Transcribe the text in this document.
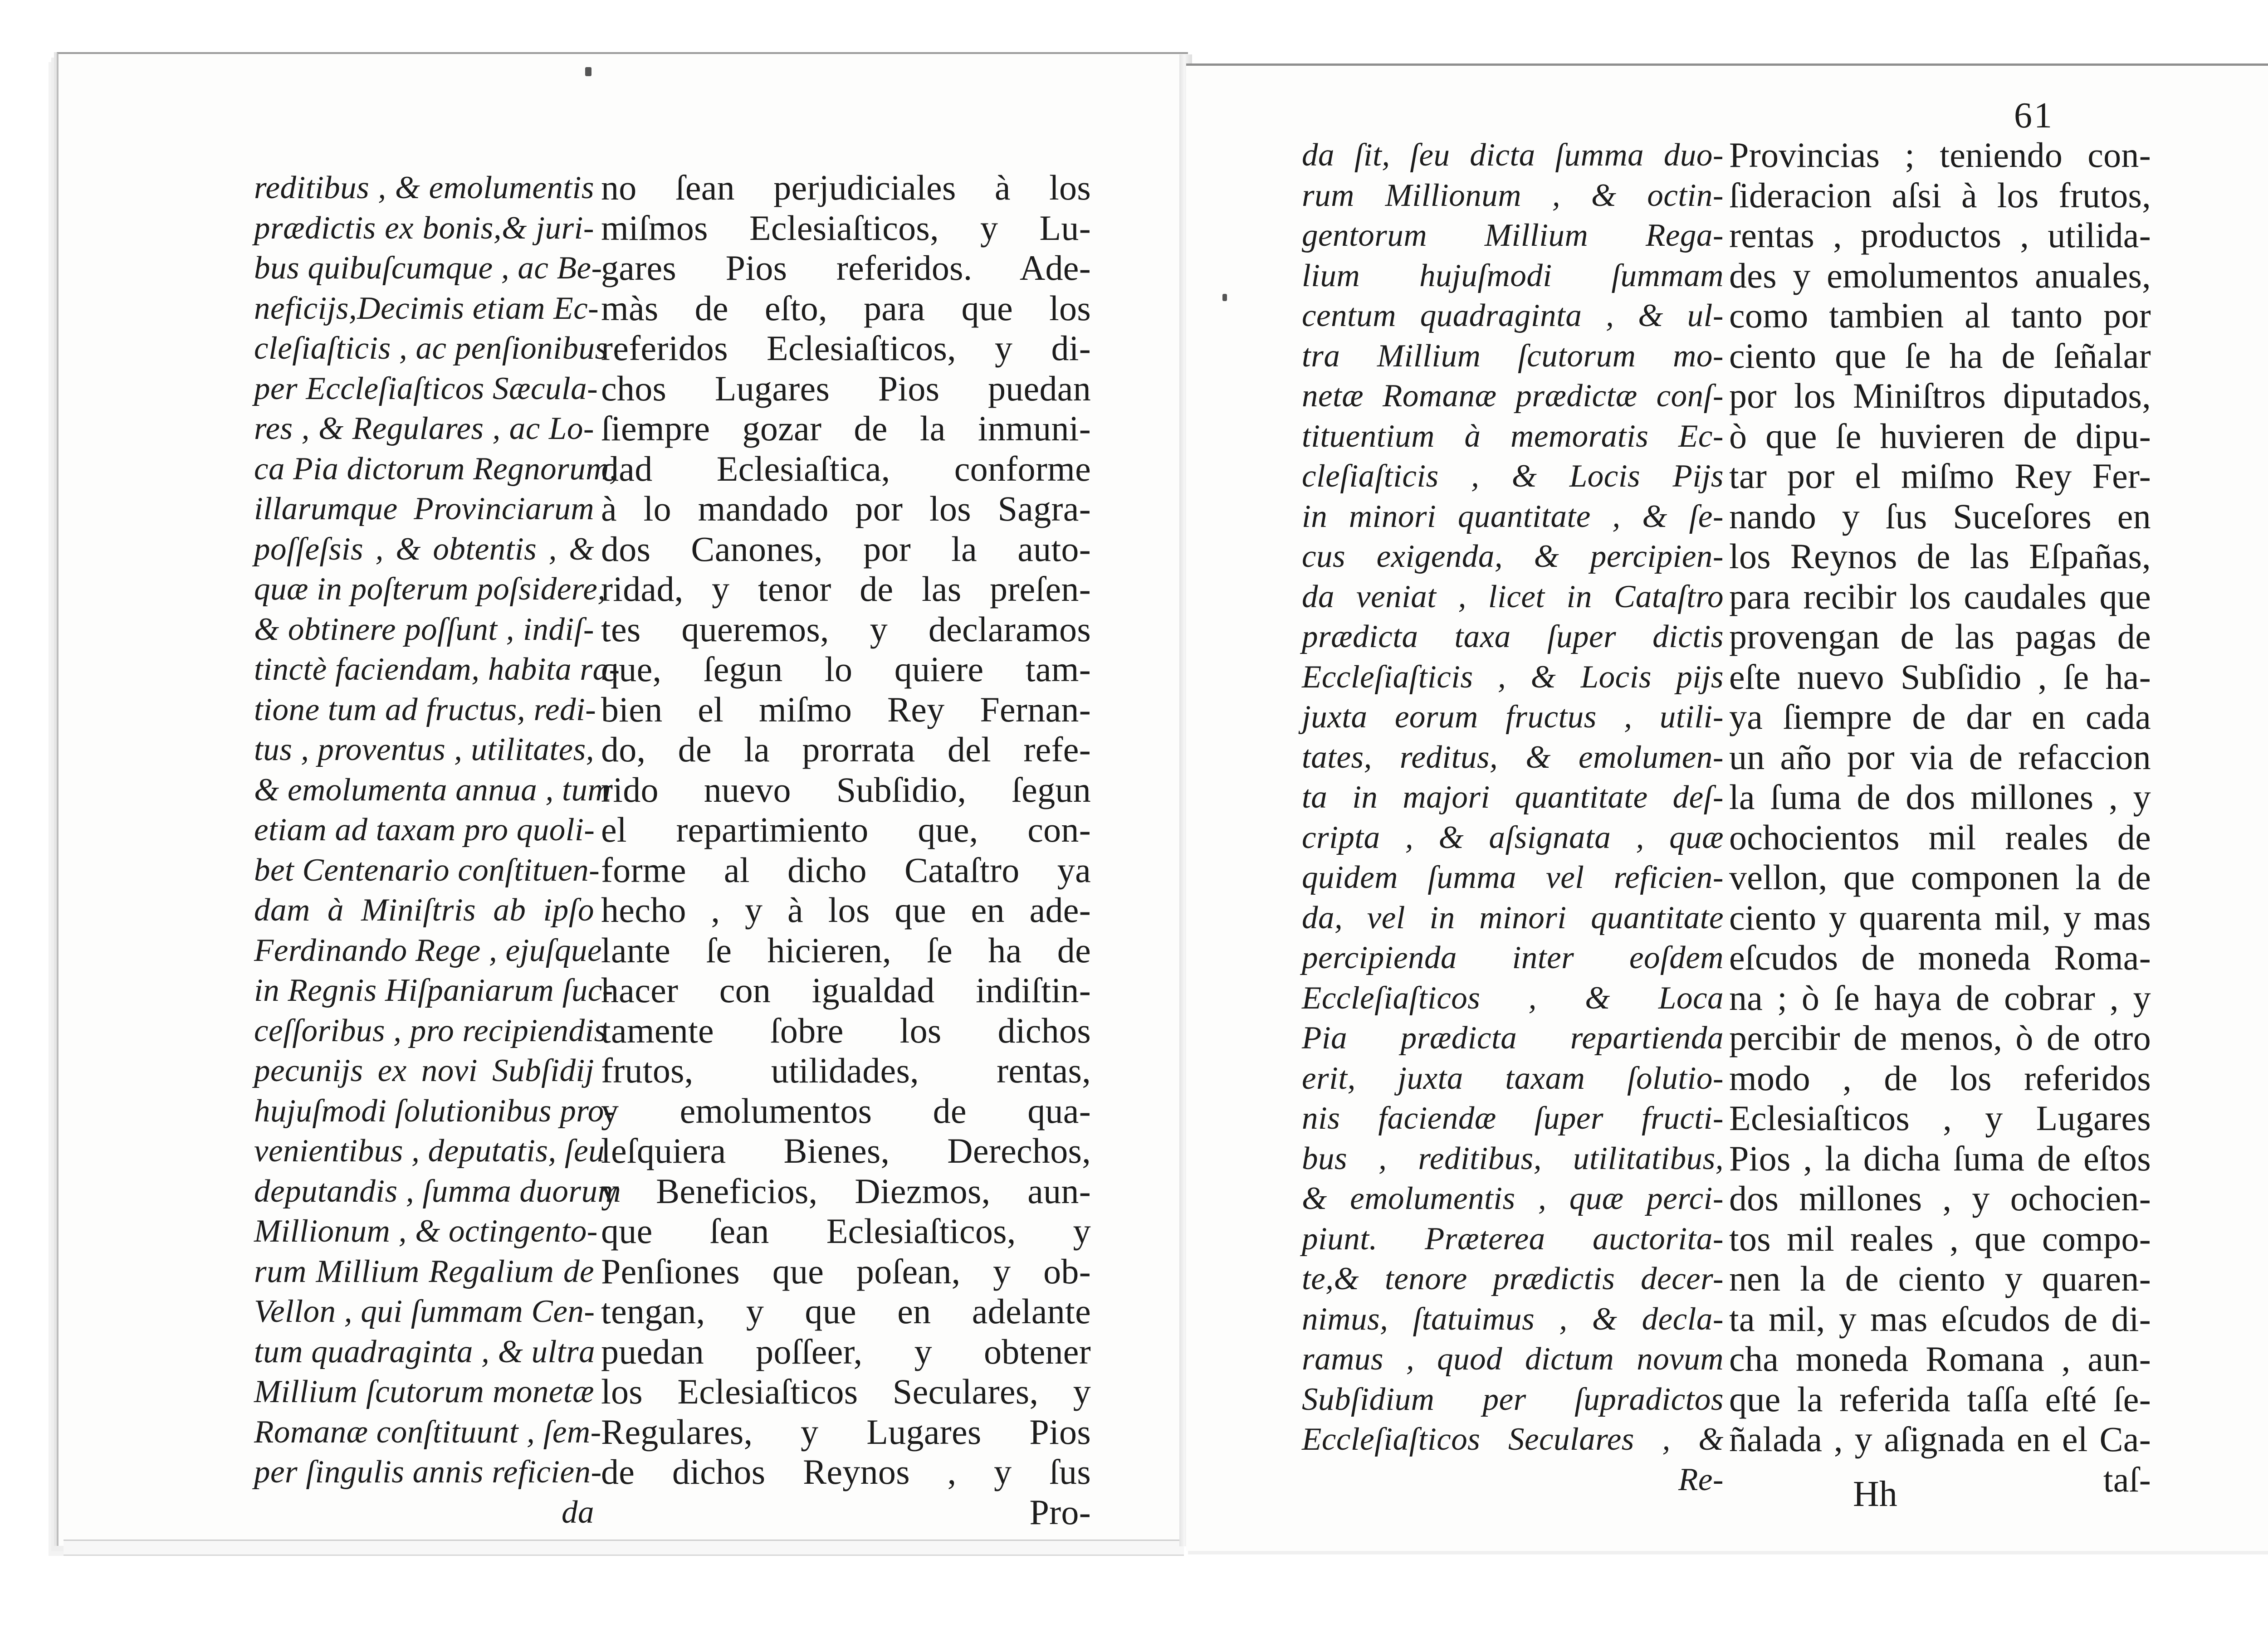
61
reditibus , & emolumentis
prædictis ex bonis,& juri-
bus quibuſcumque , ac Be-
neficijs,Decimis etiam Ec-
cleſiaſticis , ac penſionibus
per Eccleſiaſticos Sæcula-
res , & Regulares , ac Lo-
ca Pia dictorum Regnorum,
illarumque Provinciarum
poſſeſsis , & obtentis , &
quæ in poſterum poſsidere,
& obtinere poſſunt , indiſ-
tinctè faciendam, habita ra-
tione tum ad fructus, redi-
tus , proventus , utilitates,
& emolumenta annua , tum
etiam ad taxam pro quoli-
bet Centenario conſtituen-
dam à Miniſtris ab ipſo
Ferdinando Rege , ejuſque
in Regnis Hiſpaniarum ſuc-
ceſſoribus , pro recipiendis
pecunijs ex novi Subſidij
hujuſmodi ſolutionibus pro-
venientibus , deputatis, ſeu
deputandis , ſumma duorum
Millionum , & octingento-
rum Millium Regalium de
Vellon , qui ſummam Cen-
tum quadraginta , & ultra
Millium ſcutorum monetæ
Romanæ conſtituunt , ſem-
per ſingulis annis reficien-
da
no ſean perjudiciales à los
miſmos Eclesiaſticos, y Lu-
gares Pios referidos. Ade-
màs de eſto, para que los
referidos Eclesiaſticos, y di-
chos Lugares Pios puedan
ſiempre gozar de la inmuni-
dad Eclesiaſtica, conforme
à lo mandado por los Sagra-
dos Canones, por la auto-
ridad, y tenor de las preſen-
tes queremos, y declaramos
que, ſegun lo quiere tam-
bien el miſmo Rey Fernan-
do, de la prorrata del refe-
rido nuevo Subſidio, ſegun
el repartimiento que, con-
forme al dicho Cataſtro ya
hecho , y à los que en ade-
lante ſe hicieren, ſe ha de
hacer con igualdad indiſtin-
tamente ſobre los dichos
frutos, utilidades, rentas,
y emolumentos de qua-
leſquiera Bienes, Derechos,
y Beneficios, Diezmos, aun-
que ſean Eclesiaſticos, y
Penſiones que poſean, y ob-
tengan, y que en adelante
puedan poſſeer, y obtener
los Eclesiaſticos Seculares, y
Regulares, y Lugares Pios
de dichos Reynos , y ſus
Pro-
da ſit, ſeu dicta ſumma duo-
rum Millionum , & octin-
gentorum Millium Rega-
lium hujuſmodi ſummam
centum quadraginta , & ul-
tra Millium ſcutorum mo-
netæ Romanæ prædictæ conſ-
tituentium à memoratis Ec-
cleſiaſticis , & Locis Pijs
in minori quantitate , & ſe-
cus exigenda, & percipien-
da veniat , licet in Cataſtro
prædicta taxa ſuper dictis
Eccleſiaſticis , & Locis pijs
juxta eorum fructus , utili-
tates, reditus, & emolumen-
ta in majori quantitate deſ-
cripta , & aſsignata , quæ
quidem ſumma vel reficien-
da, vel in minori quantitate
percipienda inter eoſdem
Eccleſiaſticos , & Loca
Pia prædicta repartienda
erit, juxta taxam ſolutio-
nis faciendæ ſuper fructi-
bus , reditibus, utilitatibus,
& emolumentis , quæ perci-
piunt. Præterea auctorita-
te,& tenore prædictis decer-
nimus, ſtatuimus , & decla-
ramus , quod dictum novum
Subſidium per ſupradictos
Eccleſiaſticos Seculares , &
Re-
Provincias ; teniendo con-
ſideracion aſsi à los frutos,
rentas , productos , utilida-
des y emolumentos anuales,
como tambien al tanto por
ciento que ſe ha de ſeñalar
por los Miniſtros diputados,
ò que ſe huvieren de dipu-
tar por el miſmo Rey Fer-
nando y ſus Suceſores en
los Reynos de las Eſpañas,
para recibir los caudales que
provengan de las pagas de
eſte nuevo Subſidio , ſe ha-
ya ſiempre de dar en cada
un año por via de refaccion
la ſuma de dos millones , y
ochocientos mil reales de
vellon, que componen la de
ciento y quarenta mil, y mas
eſcudos de moneda Roma-
na ; ò ſe haya de cobrar , y
percibir de menos, ò de otro
modo , de los referidos
Eclesiaſticos , y Lugares
Pios , la dicha ſuma de eſtos
dos millones , y ochocien-
tos mil reales , que compo-
nen la de ciento y quaren-
ta mil, y mas eſcudos de di-
cha moneda Romana , aun-
que la referida taſſa eſté ſe-
ñalada , y aſignada en el Ca-
taſ-
Hh
